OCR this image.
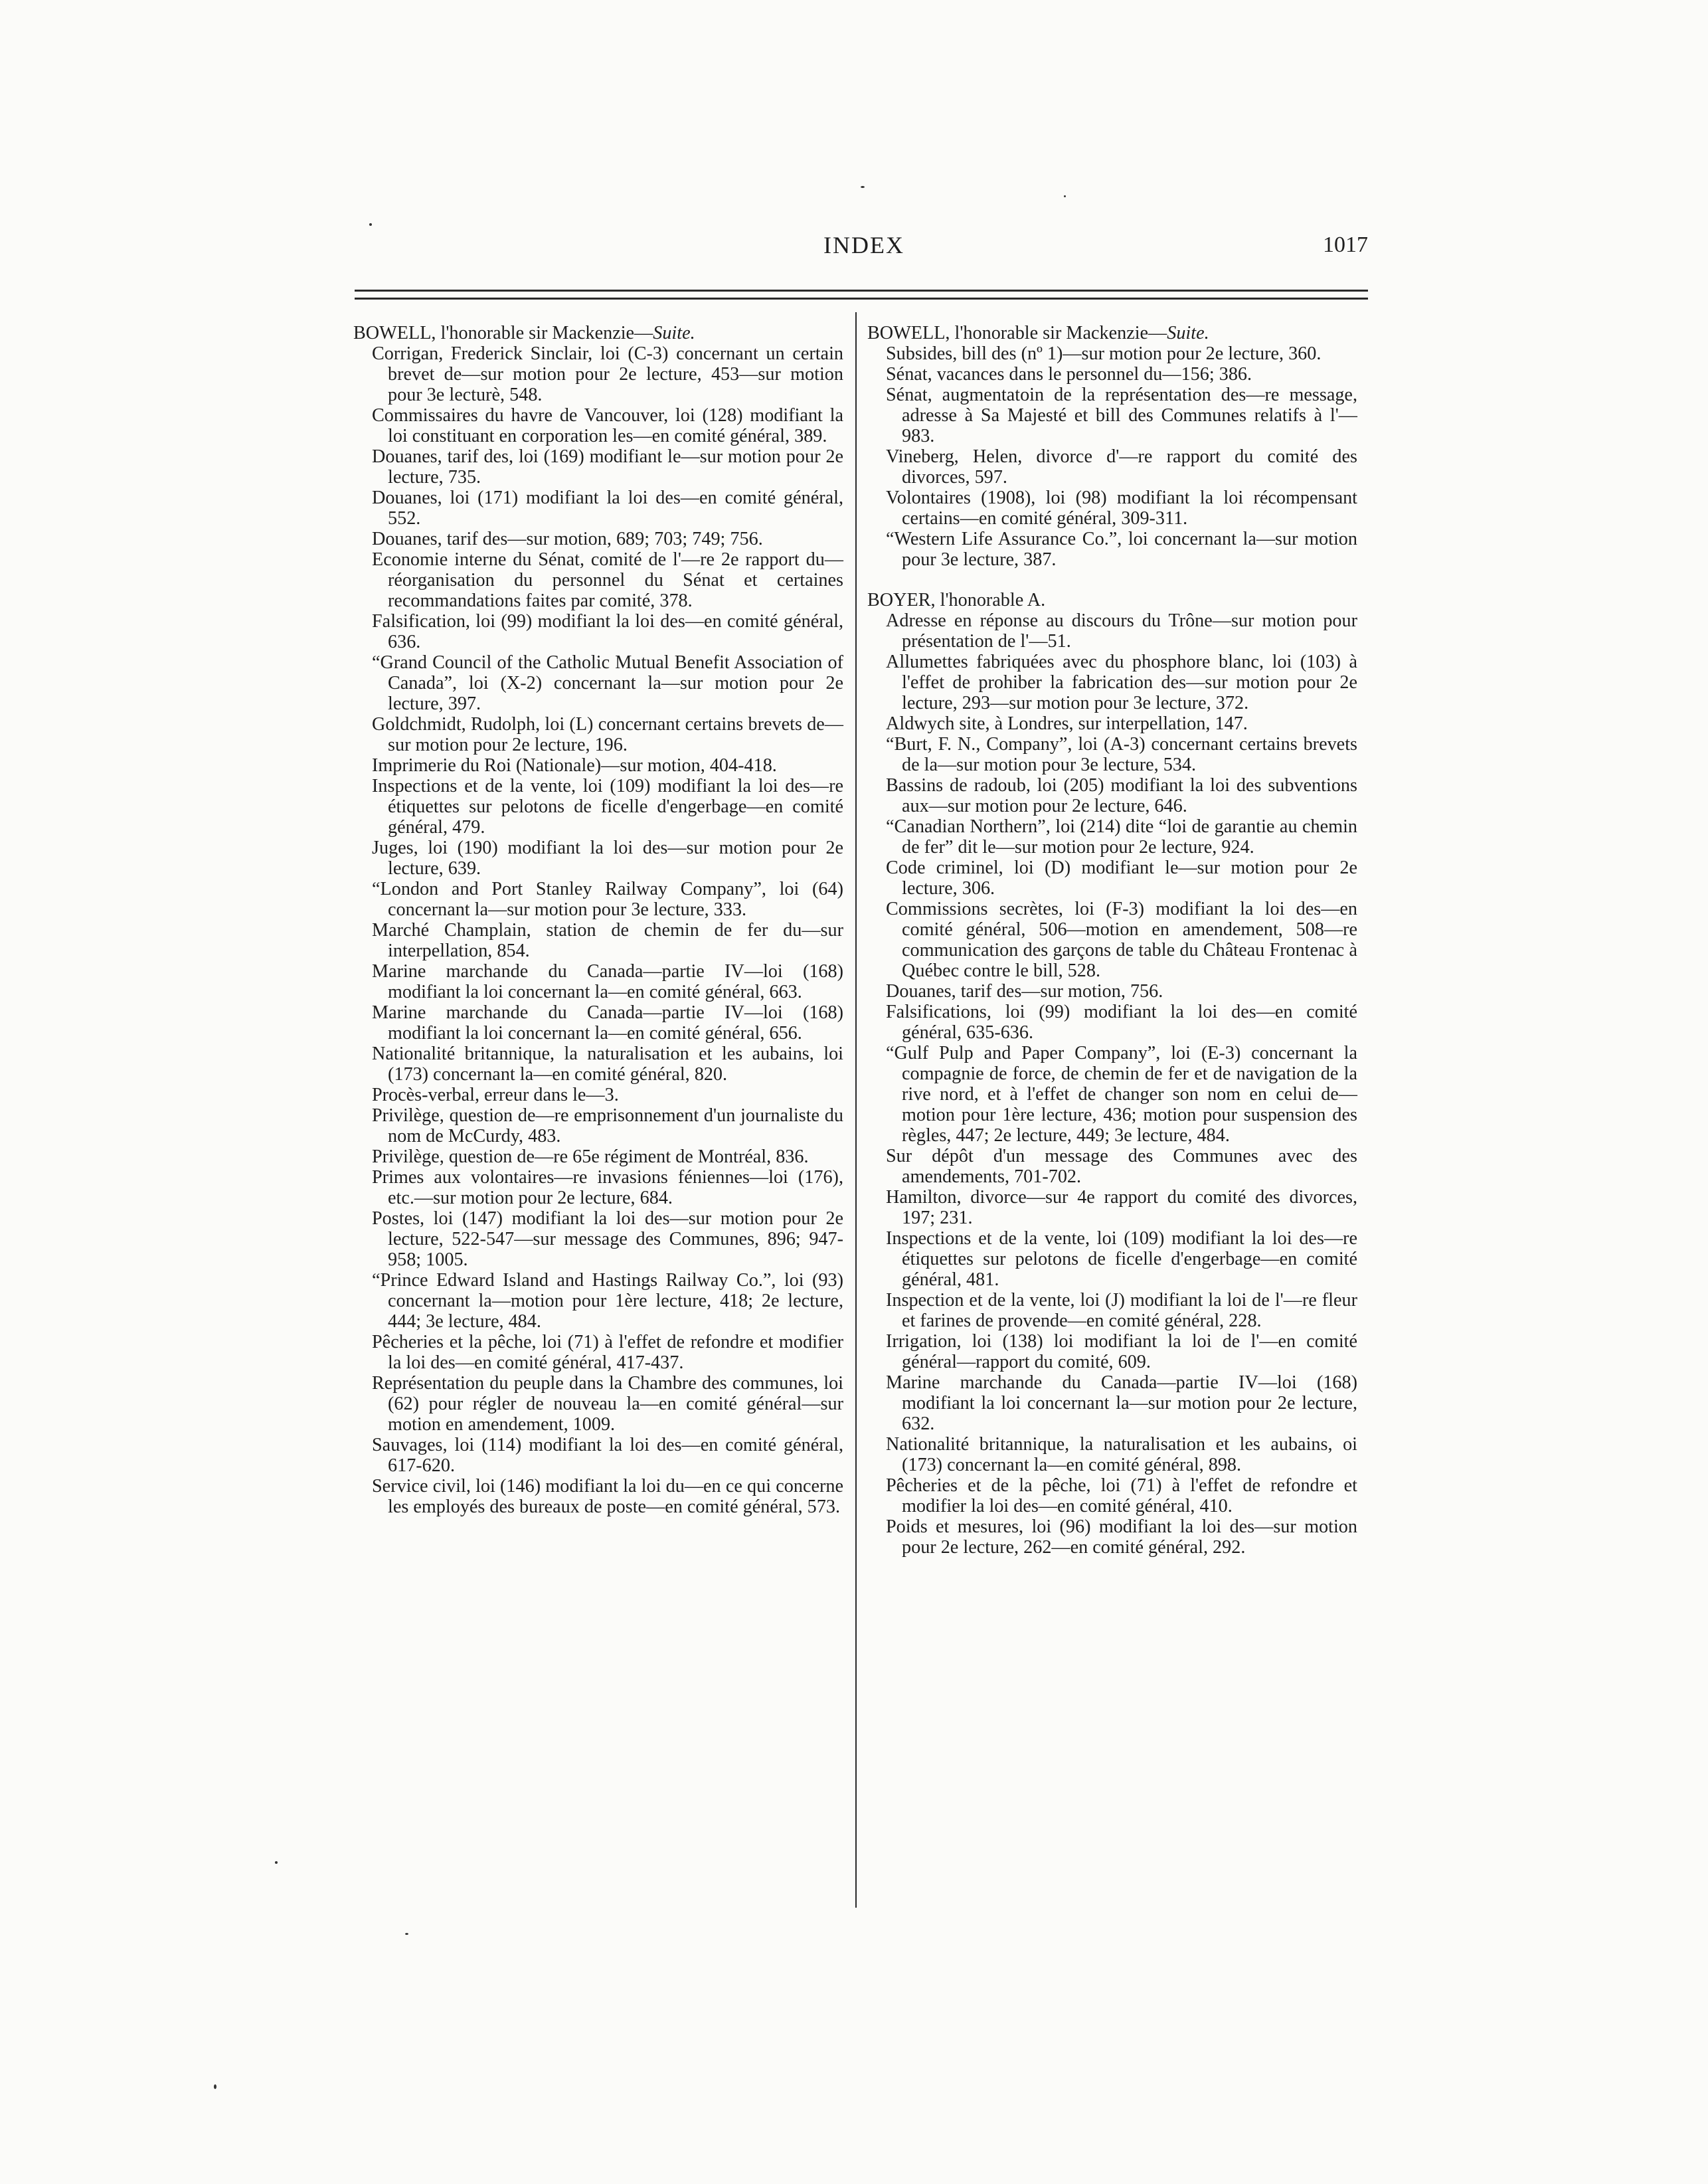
INDEX	1017
BOWELL, l'honorable sir Mackenzie—Suite.
Corrigan, Frederick Sinclair, loi (C-3) concernant un certain brevet de—sur motion pour 2e lecture, 453—sur motion pour 3e lecturè, 548.
Commissaires du havre de Vancouver, loi (128) modifiant la loi constituant en corporation les—en comité général, 389.
Douanes, tarif des, loi (169) modifiant le—sur motion pour 2e lecture, 735.
Douanes, loi (171) modifiant la loi des—en comité général, 552.
Douanes, tarif des—sur motion, 689; 703; 749; 756.
Economie interne du Sénat, comité de l'—re 2e rapport du—réorganisation du personnel du Sénat et certaines recommandations faites par comité, 378.
Falsification, loi (99) modifiant la loi des—en comité général, 636.
“Grand Council of the Catholic Mutual Benefit Association of Canada”, loi (X-2) concernant la—sur motion pour 2e lecture, 397.
Goldchmidt, Rudolph, loi (L) concernant certains brevets de—sur motion pour 2e lecture, 196.
Imprimerie du Roi (Nationale)—sur motion, 404-418.
Inspections et de la vente, loi (109) modifiant la loi des—re étiquettes sur pelotons de ficelle d'engerbage—en comité général, 479.
Juges, loi (190) modifiant la loi des—sur motion pour 2e lecture, 639.
“London and Port Stanley Railway Company”, loi (64) concernant la—sur motion pour 3e lecture, 333.
Marché Champlain, station de chemin de fer du—sur interpellation, 854.
Marine marchande du Canada—partie IV—loi (168) modifiant la loi concernant la—en comité général, 663.
Marine marchande du Canada—partie IV—loi (168) modifiant la loi concernant la—en comité général, 656.
Nationalité britannique, la naturalisation et les aubains, loi (173) concernant la—en comité général, 820.
Procès-verbal, erreur dans le—3.
Privilège, question de—re emprisonnement d'un journaliste du nom de McCurdy, 483.
Privilège, question de—re 65e régiment de Montréal, 836.
Primes aux volontaires—re invasions féniennes—loi (176), etc.—sur motion pour 2e lecture, 684.
Postes, loi (147) modifiant la loi des—sur motion pour 2e lecture, 522-547—sur message des Communes, 896; 947-958; 1005.
“Prince Edward Island and Hastings Railway Co.”, loi (93) concernant la—motion pour 1ère lecture, 418; 2e lecture, 444; 3e lecture, 484.
Pêcheries et la pêche, loi (71) à l'effet de refondre et modifier la loi des—en comité général, 417-437.
Représentation du peuple dans la Chambre des communes, loi (62) pour régler de nouveau la—en comité général—sur motion en amendement, 1009.
Sauvages, loi (114) modifiant la loi des—en comité général, 617-620.
Service civil, loi (146) modifiant la loi du—en ce qui concerne les employés des bureaux de poste—en comité général, 573.
BOWELL, l'honorable sir Mackenzie—Suite.
Subsides, bill des (nº 1)—sur motion pour 2e lecture, 360.
Sénat, vacances dans le personnel du—156; 386.
Sénat, augmentatoin de la représentation des—re message, adresse à Sa Majesté et bill des Communes relatifs à l'—983.
Vineberg, Helen, divorce d'—re rapport du comité des divorces, 597.
Volontaires (1908), loi (98) modifiant la loi récompensant certains—en comité général, 309-311.
“Western Life Assurance Co.”, loi concernant la—sur motion pour 3e lecture, 387.
BOYER, l'honorable A.
Adresse en réponse au discours du Trône—sur motion pour présentation de l'—51.
Allumettes fabriquées avec du phosphore blanc, loi (103) à l'effet de prohiber la fabrication des—sur motion pour 2e lecture, 293—sur motion pour 3e lecture, 372.
Aldwych site, à Londres, sur interpellation, 147.
“Burt, F. N., Company”, loi (A-3) concernant certains brevets de la—sur motion pour 3e lecture, 534.
Bassins de radoub, loi (205) modifiant la loi des subventions aux—sur motion pour 2e lecture, 646.
“Canadian Northern”, loi (214) dite “loi de garantie au chemin de fer” dit le—sur motion pour 2e lecture, 924.
Code criminel, loi (D) modifiant le—sur motion pour 2e lecture, 306.
Commissions secrètes, loi (F-3) modifiant la loi des—en comité général, 506—motion en amendement, 508—re communication des garçons de table du Château Frontenac à Québec contre le bill, 528.
Douanes, tarif des—sur motion, 756.
Falsifications, loi (99) modifiant la loi des—en comité général, 635-636.
“Gulf Pulp and Paper Company”, loi (E-3) concernant la compagnie de force, de chemin de fer et de navigation de la rive nord, et à l'effet de changer son nom en celui de—motion pour 1ère lecture, 436; motion pour suspension des règles, 447; 2e lecture, 449; 3e lecture, 484.
Sur dépôt d'un message des Communes avec des amendements, 701-702.
Hamilton, divorce—sur 4e rapport du comité des divorces, 197; 231.
Inspections et de la vente, loi (109) modifiant la loi des—re étiquettes sur pelotons de ficelle d'engerbage—en comité général, 481.
Inspection et de la vente, loi (J) modifiant la loi de l'—re fleur et farines de provende—en comité général, 228.
Irrigation, loi (138) loi modifiant la loi de l'—en comité général—rapport du comité, 609.
Marine marchande du Canada—partie IV—loi (168) modifiant la loi concernant la—sur motion pour 2e lecture, 632.
Nationalité britannique, la naturalisation et les aubains, oi (173) concernant la—en comité général, 898.
Pêcheries et de la pêche, loi (71) à l'effet de refondre et modifier la loi des—en comité général, 410.
Poids et mesures, loi (96) modifiant la loi des—sur motion pour 2e lecture, 262—en comité général, 292.
